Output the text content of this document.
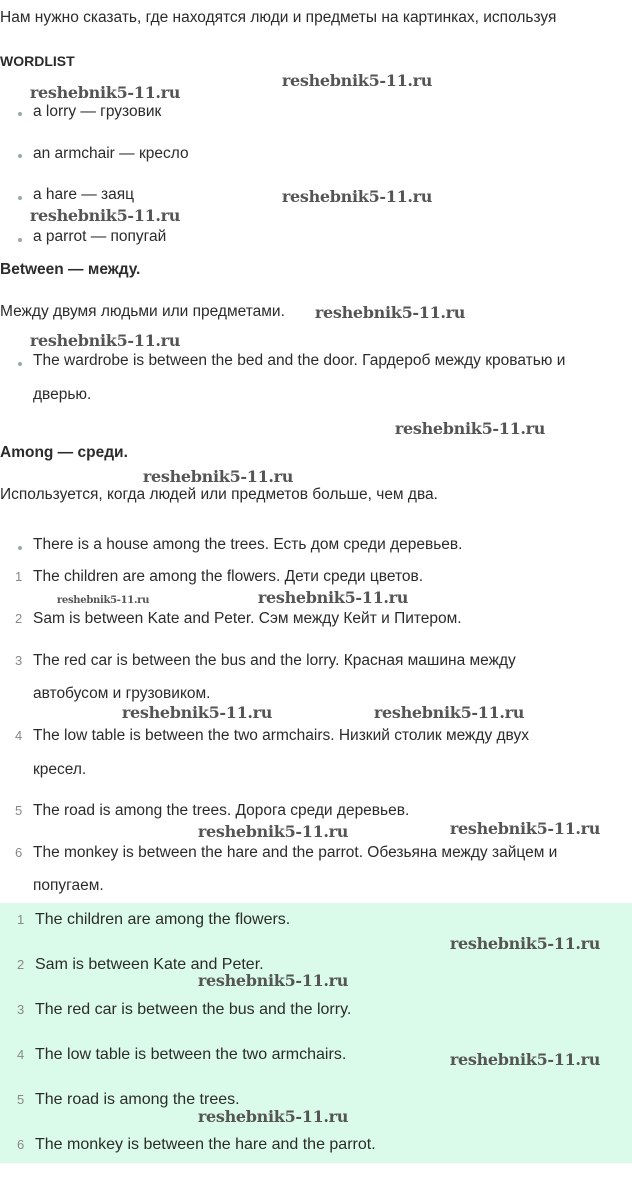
Нам нужно сказать, где находятся люди и предметы на картинках, используя
WORDLIST
a lorry — грузовик
an armchair — кресло
a hare — заяц
a parrot — попугай
Between — между.
Между двумя людьми или предметами.
The wardrobe is between the bed and the door. Гардероб между кроватью и
дверью.
Among — среди.
Используется, когда людей или предметов больше, чем два.
There is a house among the trees. Есть дом среди деревьев.
1 The children are among the flowers. Дети среди цветов.
2 Sam is between Kate and Peter. Сэм между Кейт и Питером.
3 The red car is between the bus and the lorry. Красная машина между
автобусом и грузовиком.
4 The low table is between the two armchairs. Низкий столик между двух
кресел.
5 The road is among the trees. Дорога среди деревьев.
6 The monkey is between the hare and the parrot. Обезьяна между зайцем и
попугаем.
1 The children are among the flowers.
2 Sam is between Kate and Peter.
3 The red car is between the bus and the lorry.
4 The low table is between the two armchairs.
5 The road is among the trees.
6 The monkey is between the hare and the parrot.
reshebnik5-11.ru
reshebnik5-11.ru
reshebnik5-11.ru
reshebnik5-11.ru
reshebnik5-11.ru
reshebnik5-11.ru
reshebnik5-11.ru
reshebnik5-11.ru
reshebnik5-11.ru	reshebnik5-11.ru
reshebnik5-11.ru	reshebnik5-11.ru
reshebnik5-11.ru	reshebnik5-11.ru
reshebnik5-11.ru
reshebnik5-11.ru
reshebnik5-11.ru
reshebnik5-11.ru
